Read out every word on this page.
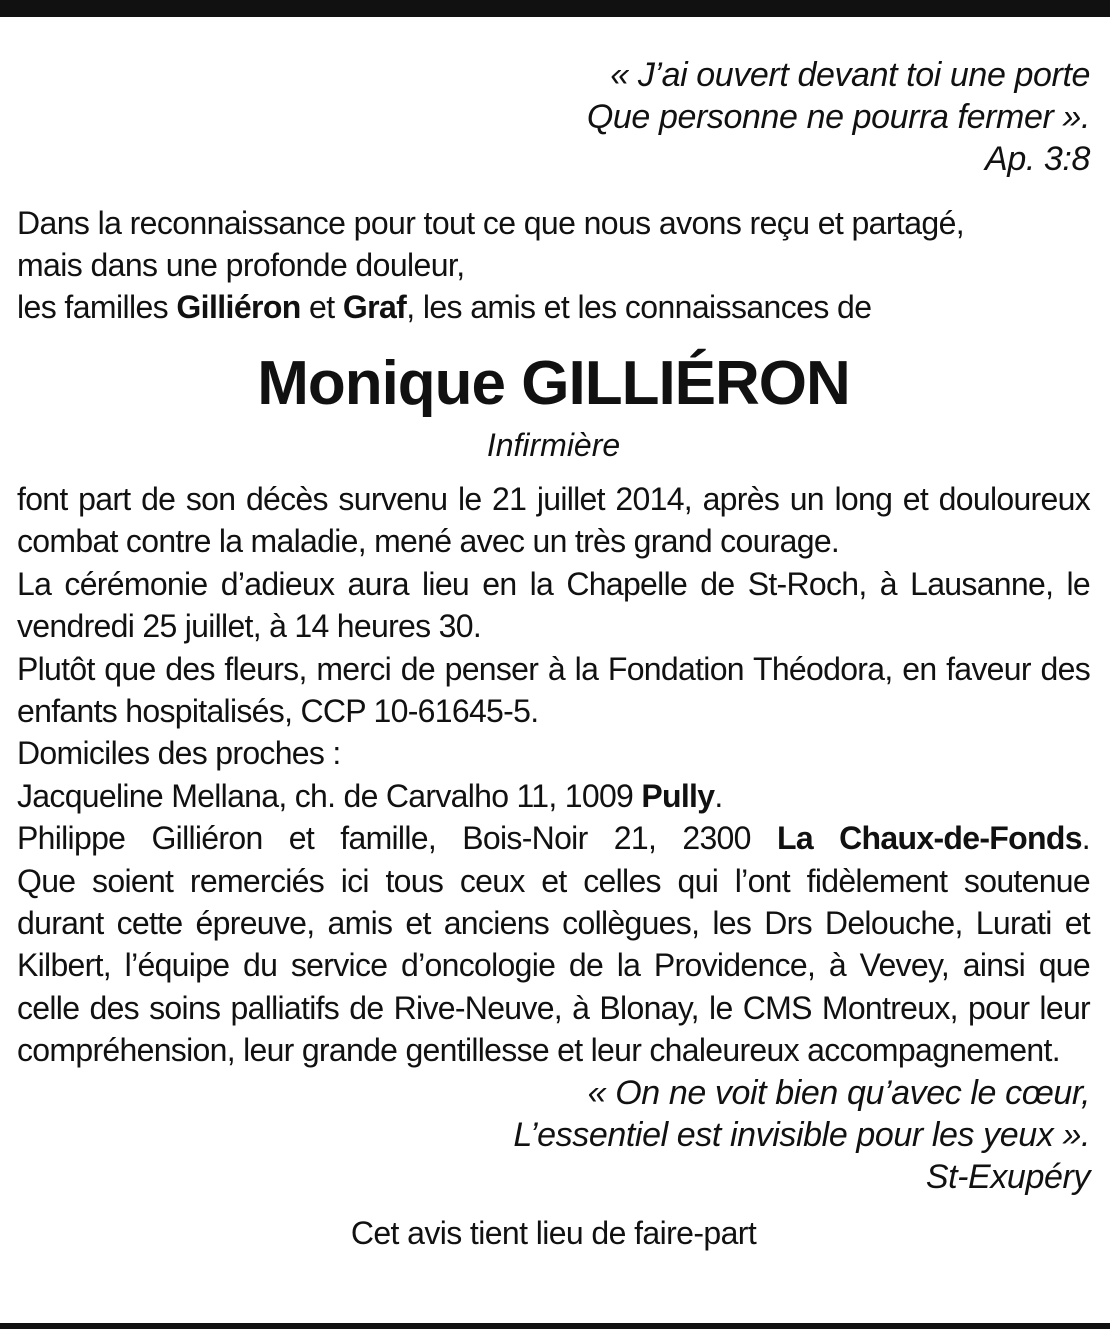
« J’ai ouvert devant toi une porte

Que personne ne pourra fermer ».

Ap. 3:8

Dans la reconnaissance pour tout ce que nous avons reçu et partagé,

mais dans une profonde douleur,

les familles Gilliéron et Graf, les amis et les connaissances de

Monique GILLIÉRON
Infirmière

font part de son décès survenu le 21 juillet 2014, après un long et douloureux combat contre la maladie, mené avec un très grand courage.

La cérémonie d’adieux aura lieu en la Chapelle de St-Roch, à Lausanne, le vendredi 25 juillet, à 14 heures 30.

Plutôt que des fleurs, merci de penser à la Fondation Théodora, en faveur des enfants hospitalisés, CCP 10-61645-5.

Domiciles des proches :

Jacqueline Mellana, ch. de Carvalho 11, 1009 Pully.

Philippe Gilliéron et famille, Bois-Noir 21, 2300 La Chaux-de-Fonds.

Que soient remerciés ici tous ceux et celles qui l’ont fidèlement soutenue durant cette épreuve, amis et anciens collègues, les Drs Delouche, Lurati et Kilbert, l’équipe du service d’oncologie de la Providence, à Vevey, ainsi que celle des soins palliatifs de Rive-Neuve, à Blonay, le CMS Montreux, pour leur compréhension, leur grande gentillesse et leur chaleureux accompagnement.

« On ne voit bien qu’avec le cœur,

L’essentiel est invisible pour les yeux ».

St-Exupéry

Cet avis tient lieu de faire-part
